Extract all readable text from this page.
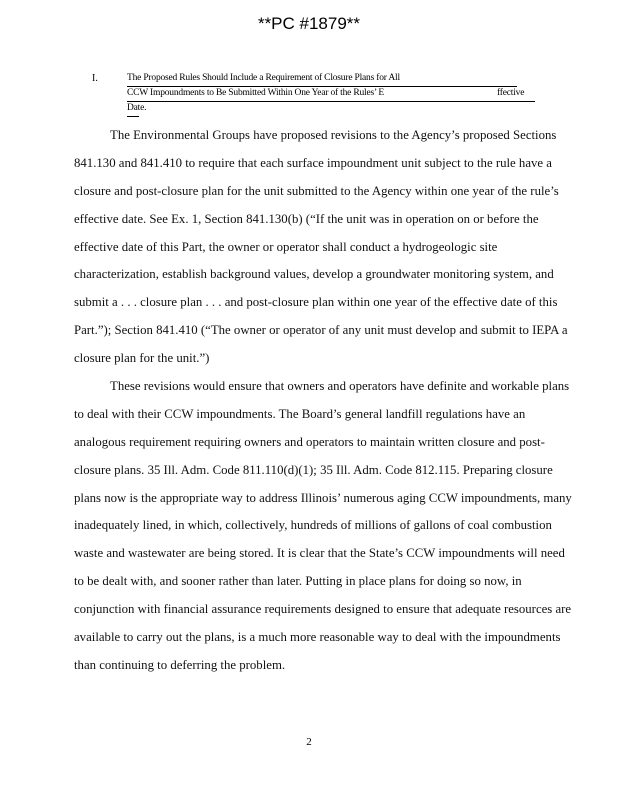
**PC #1879**
I.	The Proposed Rules Should Include a Requirement of Closure Plans for All
CCW Impoundments to Be Submitted Within One Year of the Rules’ E	ffective
Date.
The Environmental Groups have proposed revisions to the Agency’s proposed Sections
841.130 and 841.410 to require that each surface impoundment unit subject to the rule have a
closure and post-closure plan for the unit submitted to the Agency within one year of the rule’s
effective date. See Ex. 1, Section 841.130(b) (“If the unit was in operation on or before the
effective date of this Part, the owner or operator shall conduct a hydrogeologic site
characterization, establish background values, develop a groundwater monitoring system, and
submit a . . . closure plan . . . and post-closure plan within one year of the effective date of this
Part.”); Section 841.410 (“The owner or operator of any unit must develop and submit to IEPA a
closure plan for the unit.”)
These revisions would ensure that owners and operators have definite and workable plans
to deal with their CCW impoundments. The Board’s general landfill regulations have an
analogous requirement requiring owners and operators to maintain written closure and post-
closure plans. 35 Ill. Adm. Code 811.110(d)(1); 35 Ill. Adm. Code 812.115. Preparing closure
plans now is the appropriate way to address Illinois’ numerous aging CCW impoundments, many
inadequately lined, in which, collectively, hundreds of millions of gallons of coal combustion
waste and wastewater are being stored. It is clear that the State’s CCW impoundments will need
to be dealt with, and sooner rather than later. Putting in place plans for doing so now, in
conjunction with financial assurance requirements designed to ensure that adequate resources are
available to carry out the plans, is a much more reasonable way to deal with the impoundments
than continuing to deferring the problem.
2
